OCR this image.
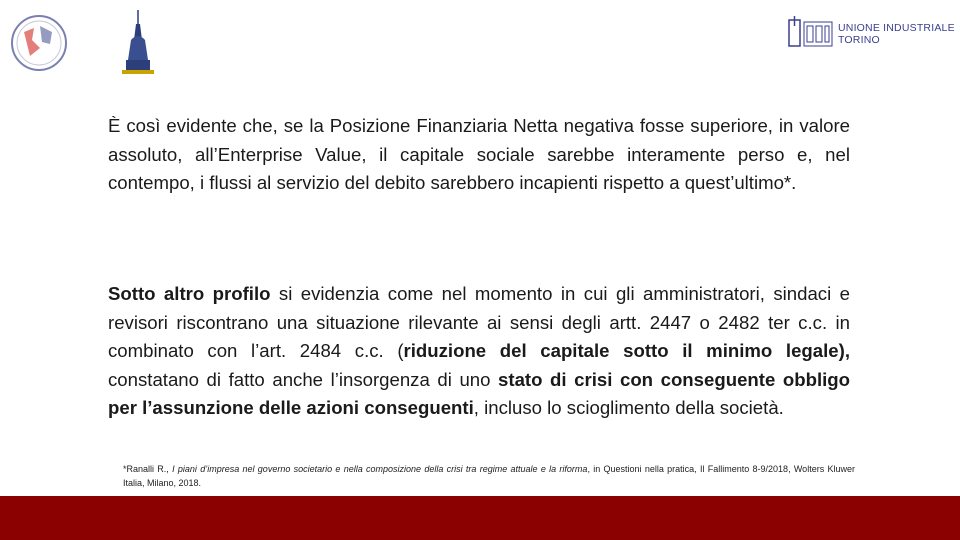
UNIONE INDUSTRIALE
TORINO

È così evidente che, se la Posizione Finanziaria Netta negativa fosse superiore, in valore assoluto, all’Enterprise Value, il capitale sociale sarebbe interamente perso e, nel contempo, i flussi al servizio del debito sarebbero incapienti rispetto a quest’ultimo*.

Sotto altro profilo si evidenzia come nel momento in cui gli amministratori, sindaci e revisori riscontrano una situazione rilevante ai sensi degli artt. 2447 o 2482 ter c.c. in combinato con l’art. 2484 c.c. (riduzione del capitale sotto il minimo legale), constatano di fatto anche l’insorgenza di uno stato di crisi con conseguente obbligo per l’assunzione delle azioni conseguenti, incluso lo scioglimento della società.

*Ranalli R., I piani d’impresa nel governo societario e nella composizione della crisi tra regime attuale e la riforma, in Questioni nella pratica, Il Fallimento 8-9/2018, Wolters Kluwer Italia, Milano, 2018.
